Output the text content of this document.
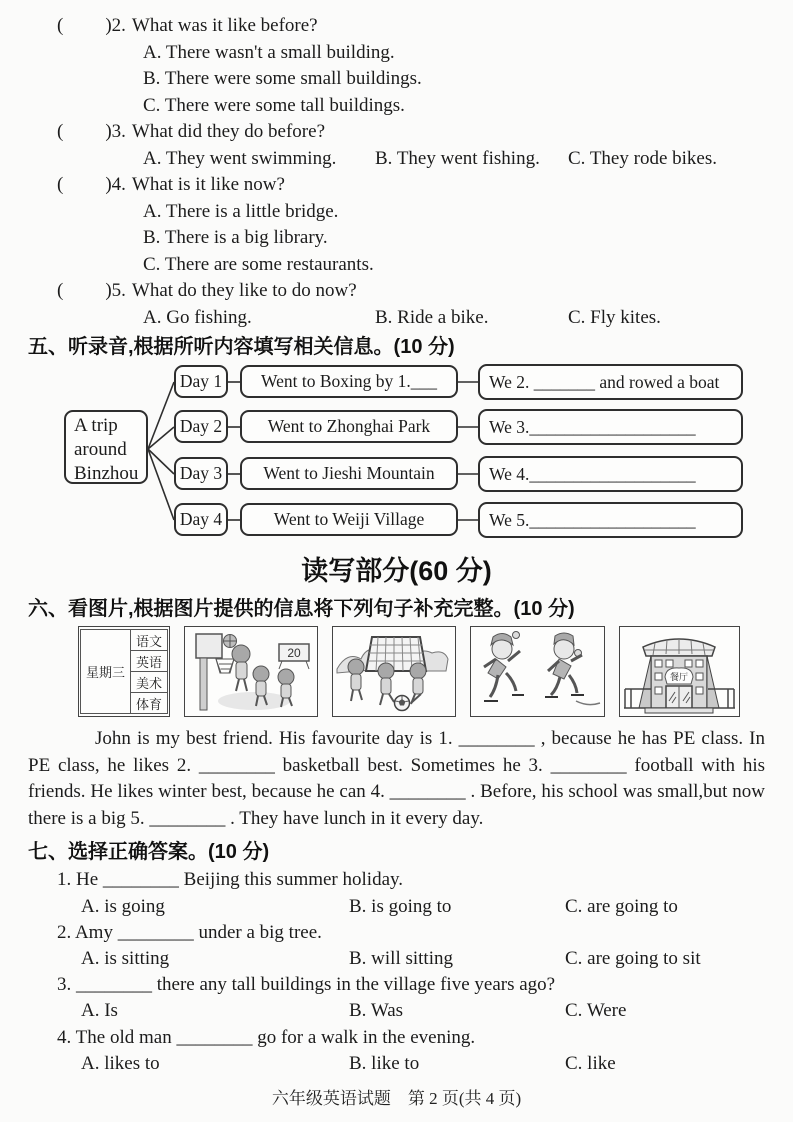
( )2. What was it like before?
A. There wasn't a small building.
B. There were some small buildings.
C. There were some tall buildings.
( )3. What did they do before?
A. They went swimming.	B. They went fishing.	C. They rode bikes.
( )4. What is it like now?
A. There is a little bridge.
B. There is a big library.
C. There are some restaurants.
( )5. What do they like to do now?
A. Go fishing.	B. Ride a bike.	C. Fly kites.
五、听录音,根据所听内容填写相关信息。(10 分)
A trip
around
Binzhou
Day 1	Went to Boxing by 1.___	We 2. _______ and rowed a boat
Day 2	Went to Zhonghai Park	We 3.___________________
Day 3	Went to Jieshi Mountain	We 4.___________________
Day 4	Went to Weiji Village	We 5.___________________
读写部分(60 分)
六、看图片,根据图片提供的信息将下列句子补充完整。(10 分)
星期三	语文
英语
美术
体育
20
餐厅

John is my best friend. His favourite day is 1. ________ , because he has PE class. In PE class, he likes 2. ________ basketball best. Sometimes he 3. ________ football with his friends. He likes winter best, because he can 4. ________ . Before, his school was small,but now there is a big 5. ________ . They have lunch in it every day.

七、选择正确答案。(10 分)
1. He ________ Beijing this summer holiday.
A. is going	B. is going to	C. are going to
2. Amy ________ under a big tree.
A. is sitting	B. will sitting	C. are going to sit
3. ________ there any tall buildings in the village five years ago?
A. Is	B. Was	C. Were
4. The old man ________ go for a walk in the evening.
A. likes to	B. like to	C. like
六年级英语试题　第 2 页(共 4 页)
